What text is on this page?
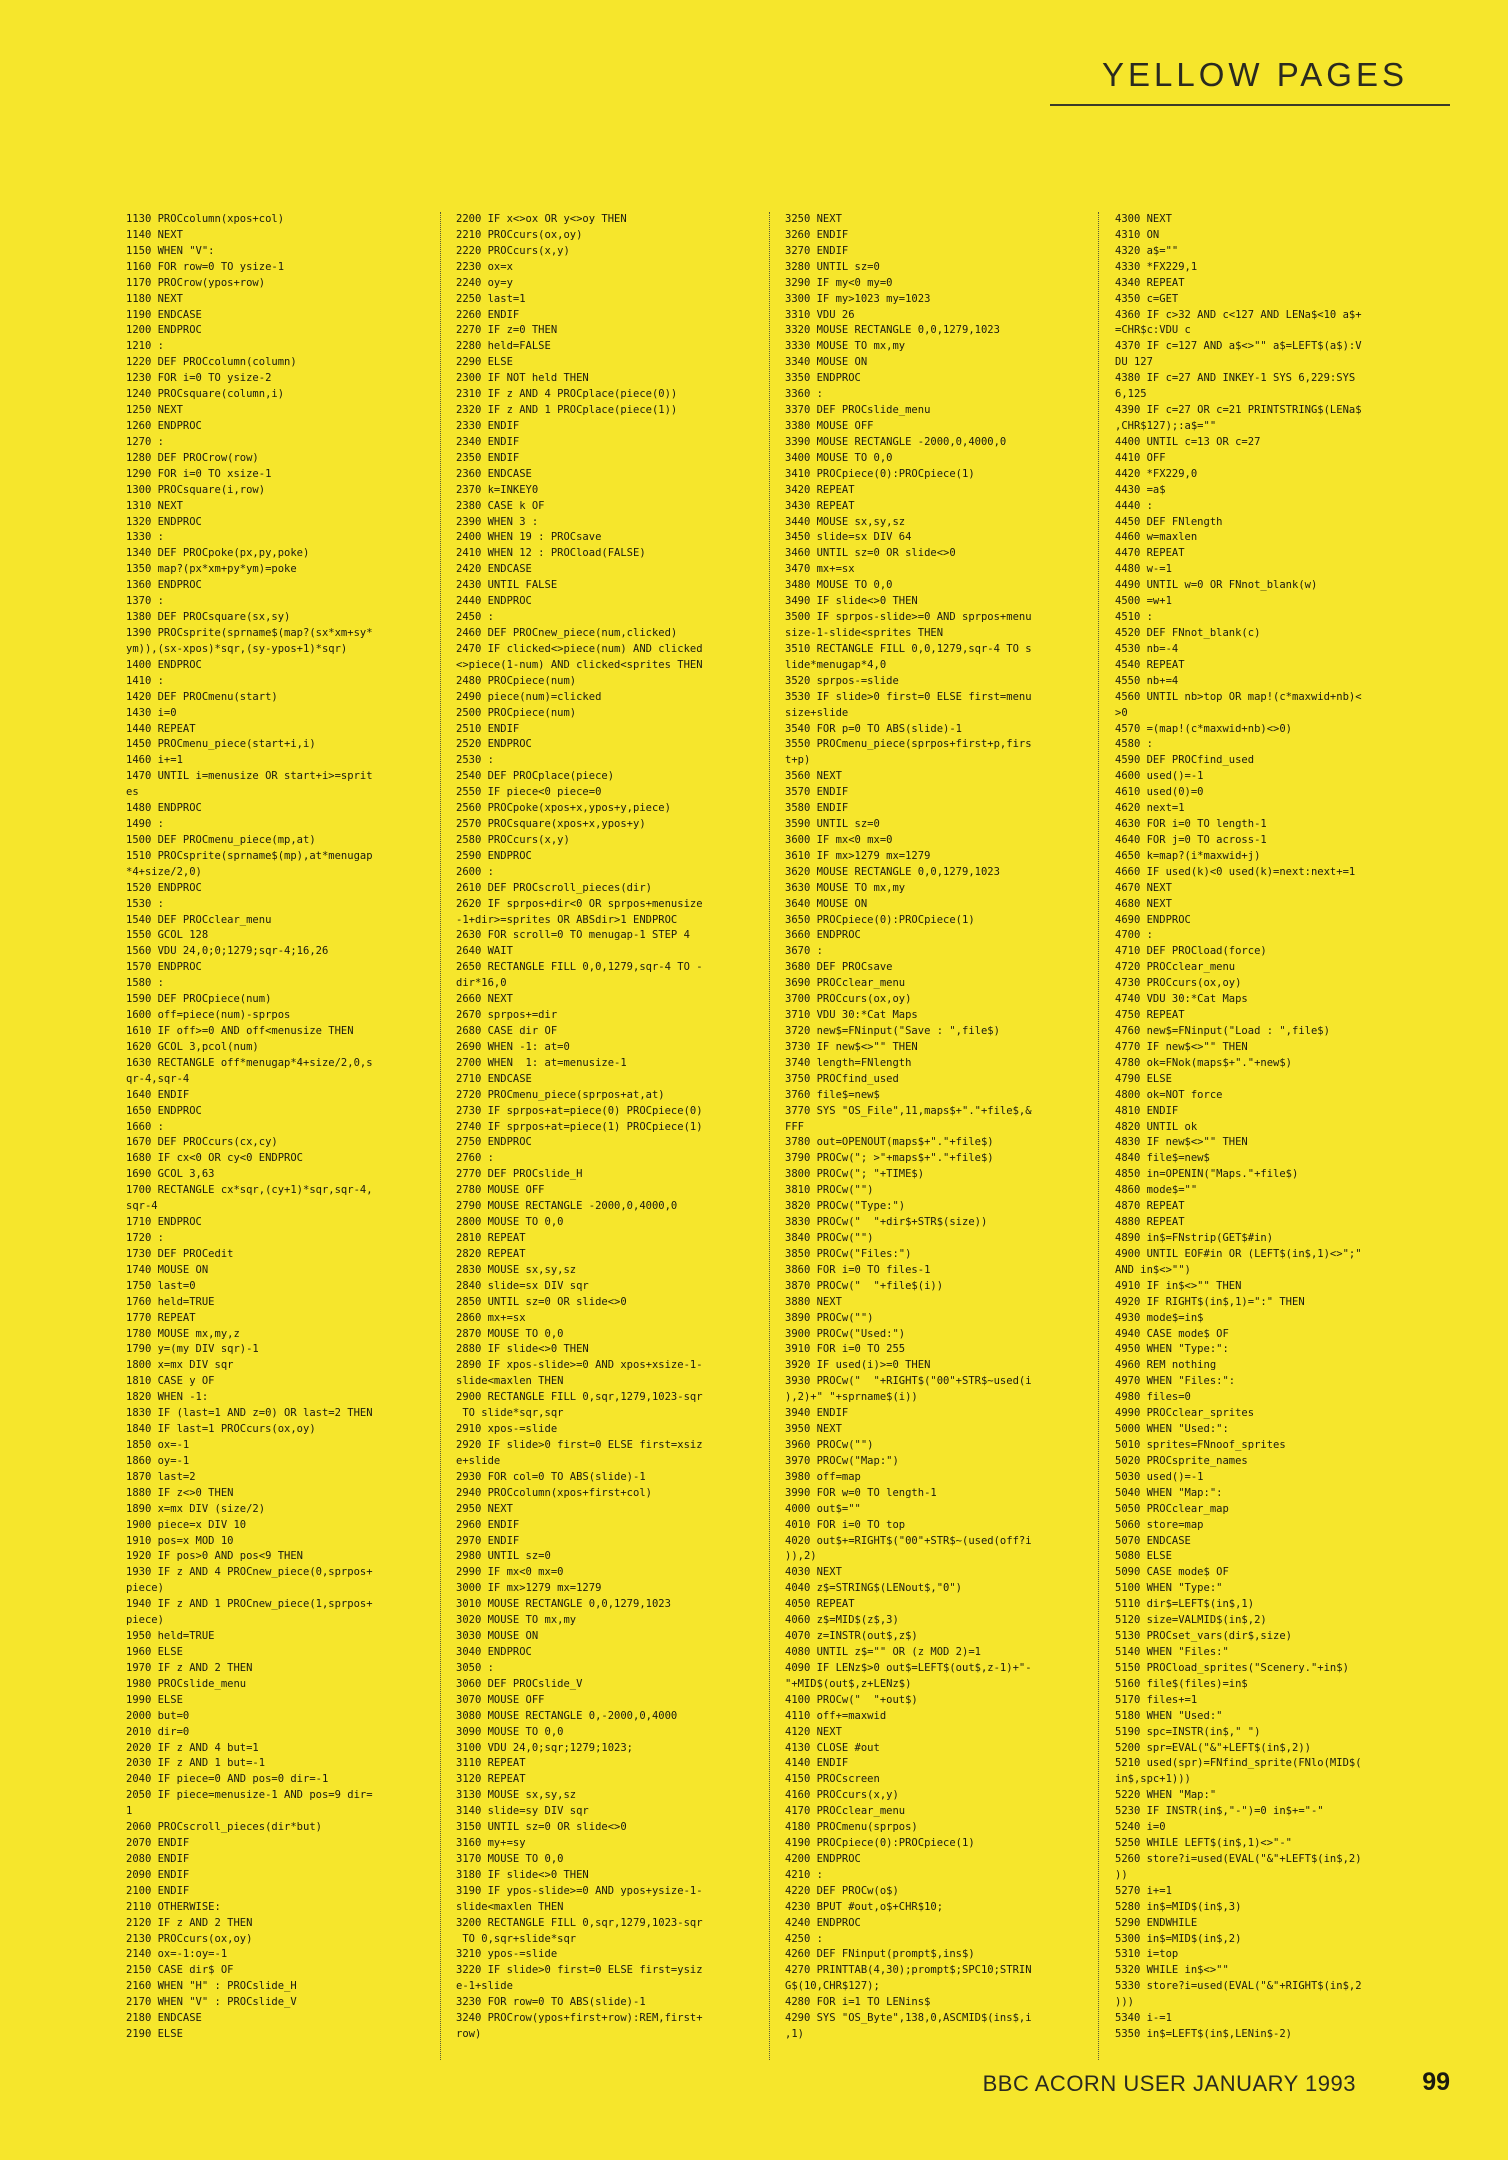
YELLOW PAGES
1130 PROCcolumn(xpos+col)
1140 NEXT
1150 WHEN "V":
1160 FOR row=0 TO ysize-1
1170 PROCrow(ypos+row)
1180 NEXT
1190 ENDCASE
1200 ENDPROC
1210 :
1220 DEF PROCcolumn(column)
1230 FOR i=0 TO ysize-2
1240 PROCsquare(column,i)
1250 NEXT
1260 ENDPROC
1270 :
1280 DEF PROCrow(row)
1290 FOR i=0 TO xsize-1
1300 PROCsquare(i,row)
1310 NEXT
1320 ENDPROC
1330 :
1340 DEF PROCpoke(px,py,poke)
1350 map?(px*xm+py*ym)=poke
1360 ENDPROC
1370 :
1380 DEF PROCsquare(sx,sy)
1390 PROCsprite(sprname$(map?(sx*xm+sy*
ym)),(sx-xpos)*sqr,(sy-ypos+1)*sqr)
1400 ENDPROC
1410 :
1420 DEF PROCmenu(start)
1430 i=0
1440 REPEAT
1450 PROCmenu_piece(start+i,i)
1460 i+=1
1470 UNTIL i=menusize OR start+i>=sprit
es
1480 ENDPROC
1490 :
1500 DEF PROCmenu_piece(mp,at)
1510 PROCsprite(sprname$(mp),at*menugap
*4+size/2,0)
1520 ENDPROC
1530 :
1540 DEF PROCclear_menu
1550 GCOL 128
1560 VDU 24,0;0;1279;sqr-4;16,26
1570 ENDPROC
1580 :
1590 DEF PROCpiece(num)
1600 off=piece(num)-sprpos
1610 IF off>=0 AND off<menusize THEN
1620 GCOL 3,pcol(num)
1630 RECTANGLE off*menugap*4+size/2,0,s
qr-4,sqr-4
1640 ENDIF
1650 ENDPROC
1660 :
1670 DEF PROCcurs(cx,cy)
1680 IF cx<0 OR cy<0 ENDPROC
1690 GCOL 3,63
1700 RECTANGLE cx*sqr,(cy+1)*sqr,sqr-4,
sqr-4
1710 ENDPROC
1720 :
1730 DEF PROCedit
1740 MOUSE ON
1750 last=0
1760 held=TRUE
1770 REPEAT
1780 MOUSE mx,my,z
1790 y=(my DIV sqr)-1
1800 x=mx DIV sqr
1810 CASE y OF
1820 WHEN -1:
1830 IF (last=1 AND z=0) OR last=2 THEN
1840 IF last=1 PROCcurs(ox,oy)
1850 ox=-1
1860 oy=-1
1870 last=2
1880 IF z<>0 THEN
1890 x=mx DIV (size/2)
1900 piece=x DIV 10
1910 pos=x MOD 10
1920 IF pos>0 AND pos<9 THEN
1930 IF z AND 4 PROCnew_piece(0,sprpos+
piece)
1940 IF z AND 1 PROCnew_piece(1,sprpos+
piece)
1950 held=TRUE
1960 ELSE
1970 IF z AND 2 THEN
1980 PROCslide_menu
1990 ELSE
2000 but=0
2010 dir=0
2020 IF z AND 4 but=1
2030 IF z AND 1 but=-1
2040 IF piece=0 AND pos=0 dir=-1
2050 IF piece=menusize-1 AND pos=9 dir=
1
2060 PROCscroll_pieces(dir*but)
2070 ENDIF
2080 ENDIF
2090 ENDIF
2100 ENDIF
2110 OTHERWISE:
2120 IF z AND 2 THEN
2130 PROCcurs(ox,oy)
2140 ox=-1:oy=-1
2150 CASE dir$ OF
2160 WHEN "H" : PROCslide_H
2170 WHEN "V" : PROCslide_V
2180 ENDCASE
2190 ELSE
2200 IF x<>ox OR y<>oy THEN
2210 PROCcurs(ox,oy)
2220 PROCcurs(x,y)
2230 ox=x
2240 oy=y
2250 last=1
2260 ENDIF
2270 IF z=0 THEN
2280 held=FALSE
2290 ELSE
2300 IF NOT held THEN
2310 IF z AND 4 PROCplace(piece(0))
2320 IF z AND 1 PROCplace(piece(1))
2330 ENDIF
2340 ENDIF
2350 ENDIF
2360 ENDCASE
2370 k=INKEY0
2380 CASE k OF
2390 WHEN 3 :
2400 WHEN 19 : PROCsave
2410 WHEN 12 : PROCload(FALSE)
2420 ENDCASE
2430 UNTIL FALSE
2440 ENDPROC
2450 :
2460 DEF PROCnew_piece(num,clicked)
2470 IF clicked<>piece(num) AND clicked
<>piece(1-num) AND clicked<sprites THEN
2480 PROCpiece(num)
2490 piece(num)=clicked
2500 PROCpiece(num)
2510 ENDIF
2520 ENDPROC
2530 :
2540 DEF PROCplace(piece)
2550 IF piece<0 piece=0
2560 PROCpoke(xpos+x,ypos+y,piece)
2570 PROCsquare(xpos+x,ypos+y)
2580 PROCcurs(x,y)
2590 ENDPROC
2600 :
2610 DEF PROCscroll_pieces(dir)
2620 IF sprpos+dir<0 OR sprpos+menusize
-1+dir>=sprites OR ABSdir>1 ENDPROC
2630 FOR scroll=0 TO menugap-1 STEP 4
2640 WAIT
2650 RECTANGLE FILL 0,0,1279,sqr-4 TO -
dir*16,0
2660 NEXT
2670 sprpos+=dir
2680 CASE dir OF
2690 WHEN -1: at=0
2700 WHEN  1: at=menusize-1
2710 ENDCASE
2720 PROCmenu_piece(sprpos+at,at)
2730 IF sprpos+at=piece(0) PROCpiece(0)
2740 IF sprpos+at=piece(1) PROCpiece(1)
2750 ENDPROC
2760 :
2770 DEF PROCslide_H
2780 MOUSE OFF
2790 MOUSE RECTANGLE -2000,0,4000,0
2800 MOUSE TO 0,0
2810 REPEAT
2820 REPEAT
2830 MOUSE sx,sy,sz
2840 slide=sx DIV sqr
2850 UNTIL sz=0 OR slide<>0
2860 mx+=sx
2870 MOUSE TO 0,0
2880 IF slide<>0 THEN
2890 IF xpos-slide>=0 AND xpos+xsize-1-
slide<maxlen THEN
2900 RECTANGLE FILL 0,sqr,1279,1023-sqr
TO slide*sqr,sqr
2910 xpos-=slide
2920 IF slide>0 first=0 ELSE first=xsiz
e+slide
2930 FOR col=0 TO ABS(slide)-1
2940 PROCcolumn(xpos+first+col)
2950 NEXT
2960 ENDIF
2970 ENDIF
2980 UNTIL sz=0
2990 IF mx<0 mx=0
3000 IF mx>1279 mx=1279
3010 MOUSE RECTANGLE 0,0,1279,1023
3020 MOUSE TO mx,my
3030 MOUSE ON
3040 ENDPROC
3050 :
3060 DEF PROCslide_V
3070 MOUSE OFF
3080 MOUSE RECTANGLE 0,-2000,0,4000
3090 MOUSE TO 0,0
3100 VDU 24,0;sqr;1279;1023;
3110 REPEAT
3120 REPEAT
3130 MOUSE sx,sy,sz
3140 slide=sy DIV sqr
3150 UNTIL sz=0 OR slide<>0
3160 my+=sy
3170 MOUSE TO 0,0
3180 IF slide<>0 THEN
3190 IF ypos-slide>=0 AND ypos+ysize-1-
slide<maxlen THEN
3200 RECTANGLE FILL 0,sqr,1279,1023-sqr
TO 0,sqr+slide*sqr
3210 ypos-=slide
3220 IF slide>0 first=0 ELSE first=ysiz
e-1+slide
3230 FOR row=0 TO ABS(slide)-1
3240 PROCrow(ypos+first+row):REM,first+
row)
3250 NEXT
3260 ENDIF
3270 ENDIF
3280 UNTIL sz=0
3290 IF my<0 my=0
3300 IF my>1023 my=1023
3310 VDU 26
3320 MOUSE RECTANGLE 0,0,1279,1023
3330 MOUSE TO mx,my
3340 MOUSE ON
3350 ENDPROC
3360 :
3370 DEF PROCslide_menu
3380 MOUSE OFF
3390 MOUSE RECTANGLE -2000,0,4000,0
3400 MOUSE TO 0,0
3410 PROCpiece(0):PROCpiece(1)
3420 REPEAT
3430 REPEAT
3440 MOUSE sx,sy,sz
3450 slide=sx DIV 64
3460 UNTIL sz=0 OR slide<>0
3470 mx+=sx
3480 MOUSE TO 0,0
3490 IF slide<>0 THEN
3500 IF sprpos-slide>=0 AND sprpos+menu
size-1-slide<sprites THEN
3510 RECTANGLE FILL 0,0,1279,sqr-4 TO s
lide*menugap*4,0
3520 sprpos-=slide
3530 IF slide>0 first=0 ELSE first=menu
size+slide
3540 FOR p=0 TO ABS(slide)-1
3550 PROCmenu_piece(sprpos+first+p,firs
t+p)
3560 NEXT
3570 ENDIF
3580 ENDIF
3590 UNTIL sz=0
3600 IF mx<0 mx=0
3610 IF mx>1279 mx=1279
3620 MOUSE RECTANGLE 0,0,1279,1023
3630 MOUSE TO mx,my
3640 MOUSE ON
3650 PROCpiece(0):PROCpiece(1)
3660 ENDPROC
3670 :
3680 DEF PROCsave
3690 PROCclear_menu
3700 PROCcurs(ox,oy)
3710 VDU 30:*Cat Maps
3720 new$=FNinput("Save : ",file$)
3730 IF new$<>"" THEN
3740 length=FNlength
3750 PROCfind_used
3760 file$=new$
3770 SYS "OS_File",11,maps$+"."+file$,&
FFF
3780 out=OPENOUT(maps$+"."+file$)
3790 PROCw("; >"+maps$+"."+file$)
3800 PROCw("; "+TIME$)
3810 PROCw("")
3820 PROCw("Type:")
3830 PROCw("  "+dir$+STR$(size))
3840 PROCw("")
3850 PROCw("Files:")
3860 FOR i=0 TO files-1
3870 PROCw("  "+file$(i))
3880 NEXT
3890 PROCw("")
3900 PROCw("Used:")
3910 FOR i=0 TO 255
3920 IF used(i)>=0 THEN
3930 PROCw("  "+RIGHT$("00"+STR$~used(i
),2)+" "+sprname$(i))
3940 ENDIF
3950 NEXT
3960 PROCw("")
3970 PROCw("Map:")
3980 off=map
3990 FOR w=0 TO length-1
4000 out$=""
4010 FOR i=0 TO top
4020 out$+=RIGHT$("00"+STR$~(used(off?i
)),2)
4030 NEXT
4040 z$=STRING$(LENout$,"0")
4050 REPEAT
4060 z$=MID$(z$,3)
4070 z=INSTR(out$,z$)
4080 UNTIL z$="" OR (z MOD 2)=1
4090 IF LENz$>0 out$=LEFT$(out$,z-1)+"-
"+MID$(out$,z+LENz$)
4100 PROCw("  "+out$)
4110 off+=maxwid
4120 NEXT
4130 CLOSE #out
4140 ENDIF
4150 PROCscreen
4160 PROCcurs(x,y)
4170 PROCclear_menu
4180 PROCmenu(sprpos)
4190 PROCpiece(0):PROCpiece(1)
4200 ENDPROC
4210 :
4220 DEF PROCw(o$)
4230 BPUT #out,o$+CHR$10;
4240 ENDPROC
4250 :
4260 DEF FNinput(prompt$,ins$)
4270 PRINTTAB(4,30);prompt$;SPC10;STRIN
G$(10,CHR$127);
4280 FOR i=1 TO LENins$
4290 SYS "OS_Byte",138,0,ASCMID$(ins$,i
,1)
4300 NEXT
4310 ON
4320 a$=""
4330 *FX229,1
4340 REPEAT
4350 c=GET
4360 IF c>32 AND c<127 AND LENa$<10 a$+
=CHR$c:VDU c
4370 IF c=127 AND a$<>"" a$=LEFT$(a$):V
DU 127
4380 IF c=27 AND INKEY-1 SYS 6,229:SYS
6,125
4390 IF c=27 OR c=21 PRINTSTRING$(LENa$
,CHR$127);:a$=""
4400 UNTIL c=13 OR c=27
4410 OFF
4420 *FX229,0
4430 =a$
4440 :
4450 DEF FNlength
4460 w=maxlen
4470 REPEAT
4480 w-=1
4490 UNTIL w=0 OR FNnot_blank(w)
4500 =w+1
4510 :
4520 DEF FNnot_blank(c)
4530 nb=-4
4540 REPEAT
4550 nb+=4
4560 UNTIL nb>top OR map!(c*maxwid+nb)<
>0
4570 =(map!(c*maxwid+nb)<>0)
4580 :
4590 DEF PROCfind_used
4600 used()=-1
4610 used(0)=0
4620 next=1
4630 FOR i=0 TO length-1
4640 FOR j=0 TO across-1
4650 k=map?(i*maxwid+j)
4660 IF used(k)<0 used(k)=next:next+=1
4670 NEXT
4680 NEXT
4690 ENDPROC
4700 :
4710 DEF PROCload(force)
4720 PROCclear_menu
4730 PROCcurs(ox,oy)
4740 VDU 30:*Cat Maps
4750 REPEAT
4760 new$=FNinput("Load : ",file$)
4770 IF new$<>"" THEN
4780 ok=FNok(maps$+"."+new$)
4790 ELSE
4800 ok=NOT force
4810 ENDIF
4820 UNTIL ok
4830 IF new$<>"" THEN
4840 file$=new$
4850 in=OPENIN("Maps."+file$)
4860 mode$=""
4870 REPEAT
4880 REPEAT
4890 in$=FNstrip(GET$#in)
4900 UNTIL EOF#in OR (LEFT$(in$,1)<>";"
AND in$<>"")
4910 IF in$<>"" THEN
4920 IF RIGHT$(in$,1)=":" THEN
4930 mode$=in$
4940 CASE mode$ OF
4950 WHEN "Type:":
4960 REM nothing
4970 WHEN "Files:":
4980 files=0
4990 PROCclear_sprites
5000 WHEN "Used:":
5010 sprites=FNnoof_sprites
5020 PROCsprite_names
5030 used()=-1
5040 WHEN "Map:":
5050 PROCclear_map
5060 store=map
5070 ENDCASE
5080 ELSE
5090 CASE mode$ OF
5100 WHEN "Type:"
5110 dir$=LEFT$(in$,1)
5120 size=VALMID$(in$,2)
5130 PROCset_vars(dir$,size)
5140 WHEN "Files:"
5150 PROCload_sprites("Scenery."+in$)
5160 file$(files)=in$
5170 files+=1
5180 WHEN "Used:"
5190 spc=INSTR(in$," ")
5200 spr=EVAL("&"+LEFT$(in$,2))
5210 used(spr)=FNfind_sprite(FNlo(MID$(
in$,spc+1)))
5220 WHEN "Map:"
5230 IF INSTR(in$,"-")=0 in$+="-"
5240 i=0
5250 WHILE LEFT$(in$,1)<>"-"
5260 store?i=used(EVAL("&"+LEFT$(in$,2)
))
5270 i+=1
5280 in$=MID$(in$,3)
5290 ENDWHILE
5300 in$=MID$(in$,2)
5310 i=top
5320 WHILE in$<>""
5330 store?i=used(EVAL("&"+RIGHT$(in$,2
)))
5340 i-=1
5350 in$=LEFT$(in$,LENin$-2)
BBC ACORN USER JANUARY 1993	99
